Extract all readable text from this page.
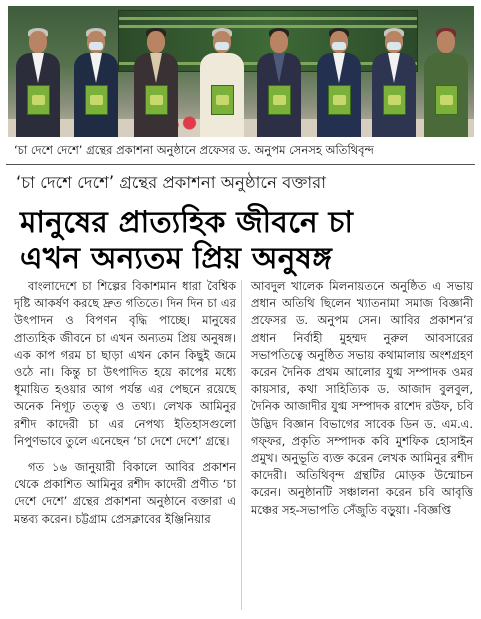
‘চা দেশে দেশে’ গ্রন্থের প্রকাশনা অনুষ্ঠানে প্রফেসর ড. অনুপম সেনসহ অতিথিবৃন্দ
‘চা দেশে দেশে’ গ্রন্থের প্রকাশনা অনুষ্ঠানে বক্তারা
মানুষের প্রাত্যহিক জীবনে চা
এখন অন্যতম প্রিয় অনুষঙ্গ

বাংলাদেশে চা শিল্পের বিকাশমান ধারা বৈশ্বিক দৃষ্টি আকর্ষণ করছে দ্রুত গতিতে। দিন দিন চা এর উৎপাদন ও বিপণন বৃদ্ধি পাচ্ছে। মানুষের প্রাত্যহিক জীবনে চা এখন অন্যতম প্রিয় অনুষঙ্গ। এক কাপ গরম চা ছাড়া এখন কোন কিছুই জমে ওঠে না। কিন্তু চা উৎপাদিত হয়ে কাপের মধ্যে ধূমায়িত হওয়ার আগ পর্যন্ত এর পেছনে রয়েছে অনেক নিগূঢ় তত্ত্ব ও তথ্য। লেখক আমিনুর রশীদ কাদেরী চা এর নেপথ্য ইতিহাসগুলো নিপুণভাবে তুলে এনেছেন ‘চা দেশে দেশে’ গ্রন্থে।

গত ১৬ জানুয়ারী বিকালে আবির প্রকাশন থেকে প্রকাশিত আমিনুর রশীদ কাদেরী প্রণীত ‘চা দেশে দেশে’ গ্রন্থের প্রকাশনা অনুষ্ঠানে বক্তারা এ মন্তব্য করেন। চট্টগ্রাম প্রেসক্লাবের ইঞ্জিনিয়ার

আবদুল খালেক মিলনায়তনে অনুষ্ঠিত এ সভায় প্রধান অতিথি ছিলেন খ্যাতনামা সমাজ বিজ্ঞানী প্রফেসর ড. অনুপম সেন। আবির প্রকাশন’র প্রধান নির্বাহী মুহম্মদ নুরুল আবসারের সভাপতিত্বে অনুষ্ঠিত সভায় কথামালায় অংশগ্রহণ করেন দৈনিক প্রথম আলোর যুগ্ম সম্পাদক ওমর কায়সার, কথা সাহিত্যিক ড. আজাদ বুলবুল, দৈনিক আজাদীর যুগ্ম সম্পাদক রাশেদ রউফ, চবি উদ্ভিদ বিজ্ঞান বিভাগের সাবেক ডিন ড. এম.এ. গফ্ফর, প্রকৃতি সম্পাদক কবি মুশফিক হোসাইন প্রমুখ। অনুভূতি ব্যক্ত করেন লেখক আমিনুর রশীদ কাদেরী। অতিথিবৃন্দ গ্রন্থটির মোড়ক উন্মোচন করেন। অনুষ্ঠানটি সঞ্চালনা করেন চবি আবৃত্তি মঞ্চের সহ-সভাপতি সেঁজুতি বড়ুয়া। -বিজ্ঞপ্তি
